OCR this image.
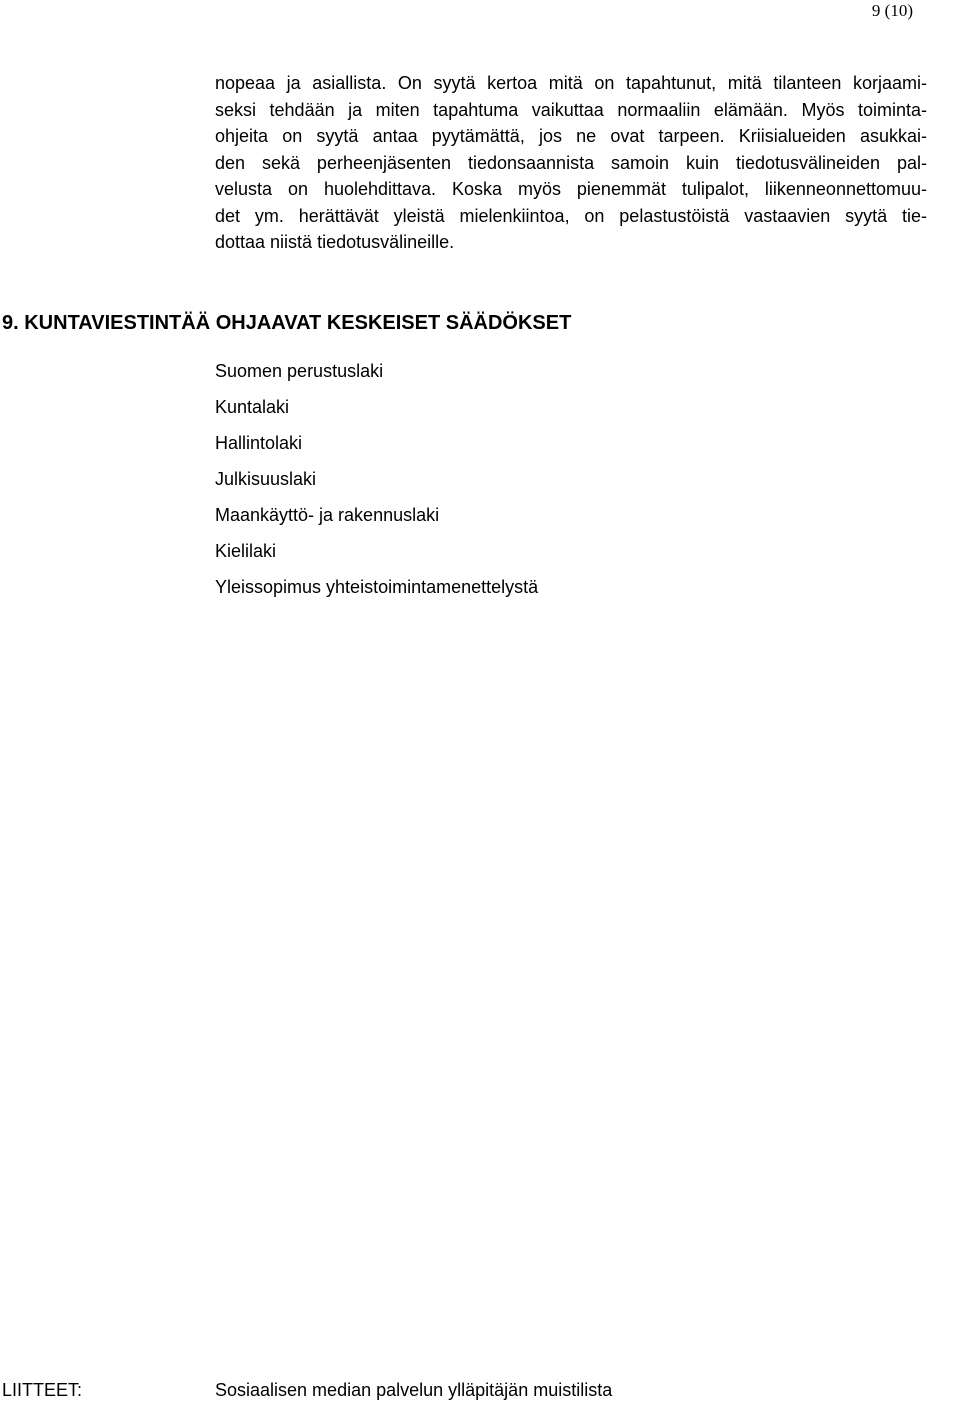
9 (10)
nopeaa ja asiallista. On syytä kertoa mitä on tapahtunut, mitä tilanteen korjaami-
seksi tehdään ja miten tapahtuma vaikuttaa normaaliin elämään. Myös toiminta-
ohjeita on syytä antaa pyytämättä, jos ne ovat tarpeen. Kriisialueiden asukkai-
den sekä perheenjäsenten tiedonsaannista samoin kuin tiedotusvälineiden pal-
velusta on huolehdittava. Koska myös pienemmät tulipalot, liikenneonnettomuu-
det ym. herättävät yleistä mielenkiintoa, on pelastustöistä vastaavien syytä tie-
dottaa niistä tiedotusvälineille.
9. KUNTAVIESTINTÄÄ OHJAAVAT KESKEISET SÄÄDÖKSET
Suomen perustuslaki
Kuntalaki
Hallintolaki
Julkisuuslaki
Maankäyttö- ja rakennuslaki
Kielilaki
Yleissopimus yhteistoimintamenettelystä
LIITTEET:	Sosiaalisen median palvelun ylläpitäjän muistilista
